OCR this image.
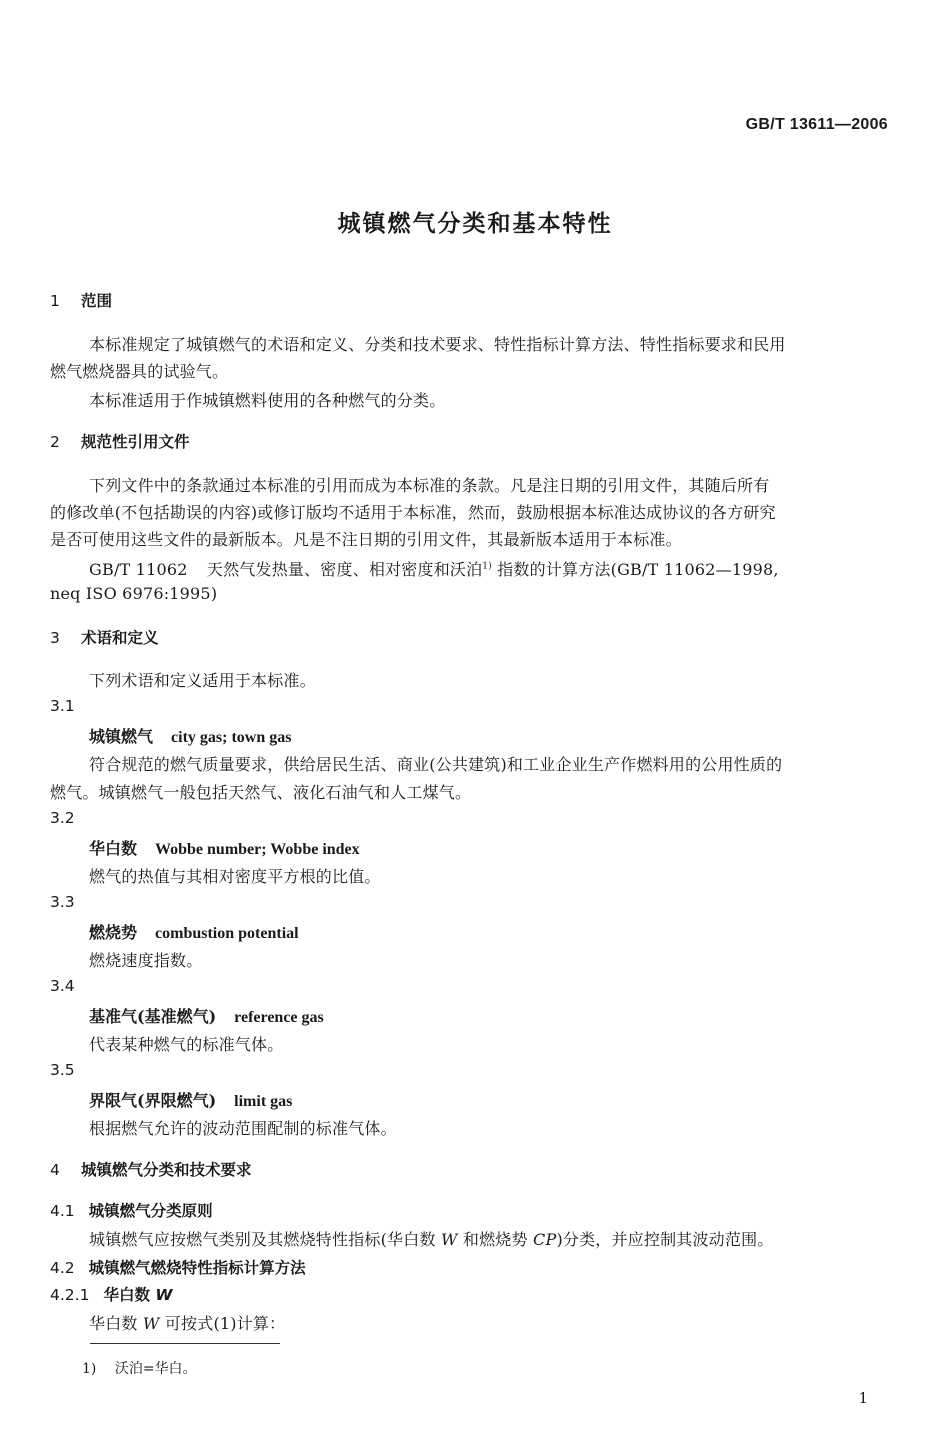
GB/T 13611—2006
城镇燃气分类和基本特性
1 范围
本标准规定了城镇燃气的术语和定义、分类和技术要求、特性指标计算方法、特性指标要求和民用
燃气燃烧器具的试验气。
本标准适用于作城镇燃料使用的各种燃气的分类。
2 规范性引用文件
下列文件中的条款通过本标准的引用而成为本标准的条款。凡是注日期的引用文件，其随后所有
的修改单(不包括勘误的内容)或修订版均不适用于本标准，然而，鼓励根据本标准达成协议的各方研究
是否可使用这些文件的最新版本。凡是不注日期的引用文件，其最新版本适用于本标准。
GB/T 11062 天然气发热量、密度、相对密度和沃泊$^{1)}$ 指数的计算方法(GB/T 11062—1998,
neq ISO 6976:1995)
3 术语和定义
下列术语和定义适用于本标准。
3.1
城镇燃气 city gas; town gas
符合规范的燃气质量要求，供给居民生活、商业(公共建筑)和工业企业生产作燃料用的公用性质的
燃气。城镇燃气一般包括天然气、液化石油气和人工煤气。
3.2
华白数 Wobbe number; Wobbe index
燃气的热值与其相对密度平方根的比值。
3.3
燃烧势 combustion potential
燃烧速度指数。
3.4
基准气(基准燃气) reference gas
代表某种燃气的标准气体。
3.5
界限气(界限燃气) limit gas
根据燃气允许的波动范围配制的标准气体。
4 城镇燃气分类和技术要求
4.1 城镇燃气分类原则
城镇燃气应按燃气类别及其燃烧特性指标(华白数 W 和燃烧势 CP)分类，并应控制其波动范围。
4.2 城镇燃气燃烧特性指标计算方法
4.2.1 华白数 W
华白数 W 可按式(1)计算：
1) 沃泊=华白。
1
